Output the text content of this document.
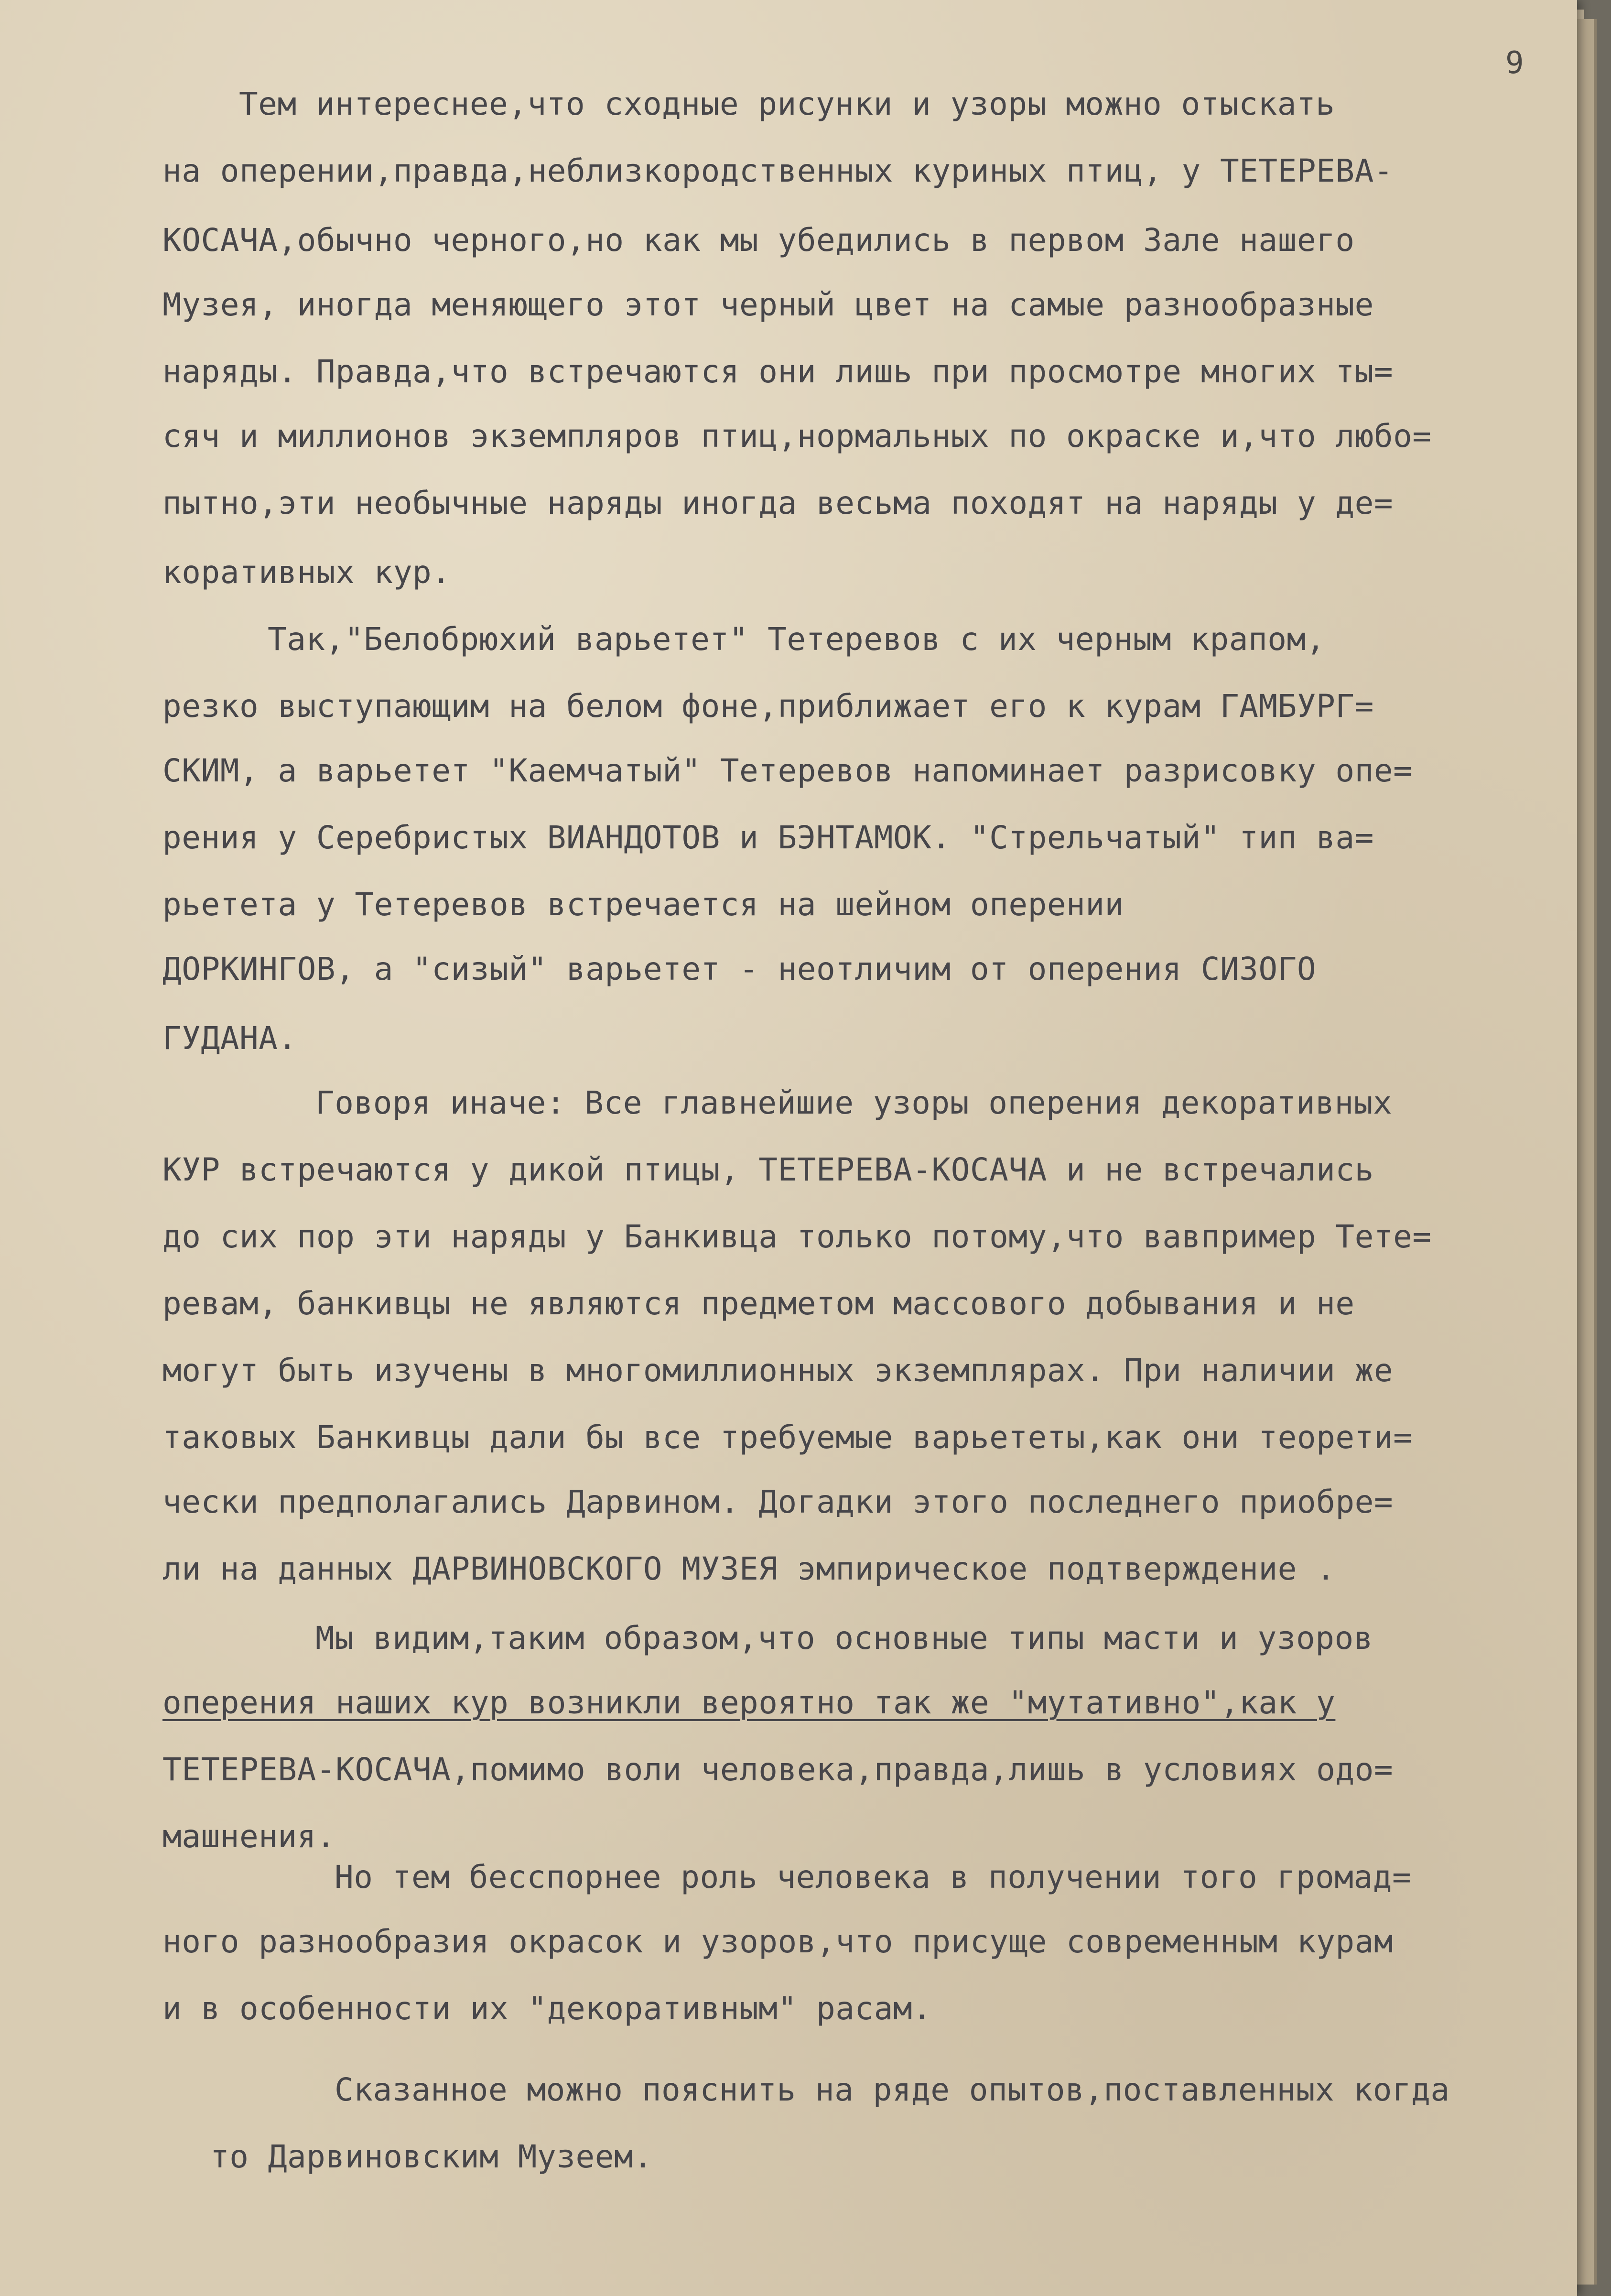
9
Тем интереснее,что сходные рисунки и узоры можно отыскать
на оперении,правда,неблизкородственных куриных птиц, у ТЕТЕРЕВА-
КОСАЧА,обычно черного,но как мы убедились в первом Зале нашего
Музея, иногда меняющего этот черный цвет на самые разнообразные
наряды. Правда,что встречаются они лишь при просмотре многих ты=
сяч и миллионов экземпляров птиц,нормальных по окраске и,что любо=
пытно,эти необычные наряды иногда весьма походят на наряды у де=
коративных кур.
Так,"Белобрюхий варьетет" Тетеревов с их черным крапом,
резко выступающим на белом фоне,приближает его к курам ГАМБУРГ=
СКИМ, а варьетет "Каемчатый" Тетеревов напоминает разрисовку опе=
рения у Серебристых ВИАНДОТОВ и БЭНТАМОК. "Стрельчатый" тип ва=
рьетета у Тетеревов встречается на шейном оперении
ДОРКИНГОВ, а "сизый" варьетет - неотличим от оперения СИЗОГО
ГУДАНА.
Говоря иначе: Все главнейшие узоры оперения декоративных
КУР встречаются у дикой птицы, ТЕТЕРЕВА-КОСАЧА и не встречались
до сих пор эти наряды у Банкивца только потому,что вавпример Тете=
ревам, банкивцы не являются предметом массового добывания и не
могут быть изучены в многомиллионных экземплярах. При наличии же
таковых Банкивцы дали бы все требуемые варьететы,как они теорети=
чески предполагались Дарвином. Догадки этого последнего приобре=
ли на данных ДАРВИНОВСКОГО МУЗЕЯ эмпирическое подтверждение .
Мы видим,таким образом,что основные типы масти и узоров
оперения наших кур возникли вероятно так же "мутативно",как у
ТЕТЕРЕВА-КОСАЧА,помимо воли человека,правда,лишь в условиях одо=
машнения.
Но тем бесспорнее роль человека в получении того громад=
ного разнообразия окрасок и узоров,что присуще современным курам
и в особенности их "декоративным" расам.
Сказанное можно пояснить на ряде опытов,поставленных когда
то Дарвиновским Музеем.
